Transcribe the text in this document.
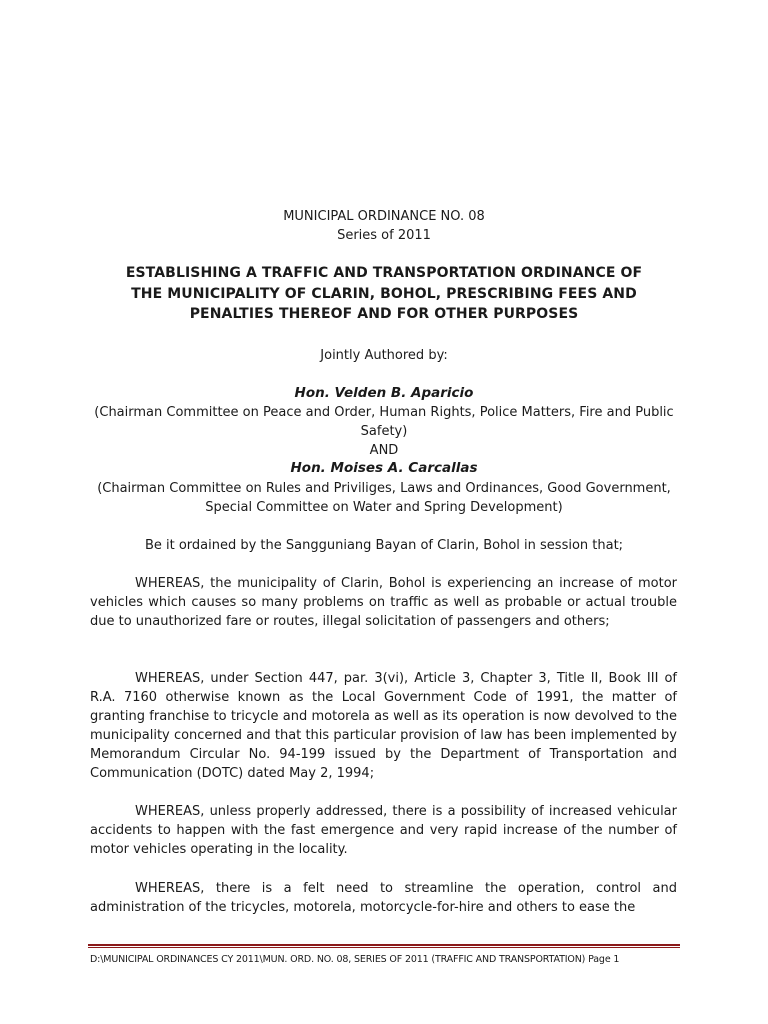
MUNICIPAL ORDINANCE NO. 08
Series of 2011
ESTABLISHING A TRAFFIC AND TRANSPORTATION ORDINANCE OF
THE MUNICIPALITY OF CLARIN, BOHOL, PRESCRIBING FEES AND
PENALTIES THEREOF AND FOR OTHER PURPOSES
Jointly Authored by:
Hon. Velden B. Aparicio
(Chairman Committee on Peace and Order, Human Rights, Police Matters, Fire and Public Safety)
AND
Hon. Moises A. Carcallas
(Chairman Committee on Rules and Priviliges, Laws and Ordinances, Good Government, Special Committee on Water and Spring Development)
Be it ordained by the Sangguniang Bayan of Clarin, Bohol in session that;
WHEREAS, the municipality of Clarin, Bohol is experiencing an increase of motor vehicles which causes so many problems on traffic as well as probable or actual trouble due to unauthorized fare or routes, illegal solicitation of passengers and others;
WHEREAS, under Section 447, par. 3(vi), Article 3, Chapter 3, Title II, Book III of R.A. 7160 otherwise known as the Local Government Code of 1991, the matter of granting franchise to tricycle and motorela as well as its operation is now devolved to the municipality concerned and that this particular provision of law has been implemented by Memorandum Circular No. 94-199 issued by the Department of Transportation and Communication (DOTC) dated May 2, 1994;
WHEREAS, unless properly addressed, there is a possibility of increased vehicular accidents to happen with the fast emergence and very rapid increase of the number of motor vehicles operating in the locality.
WHEREAS, there is a felt need to streamline the operation, control and administration of the tricycles, motorela, motorcycle-for-hire and others to ease the
D:\MUNICIPAL ORDINANCES CY 2011\MUN. ORD. NO. 08, SERIES OF 2011 (TRAFFIC AND TRANSPORTATION) Page 1
